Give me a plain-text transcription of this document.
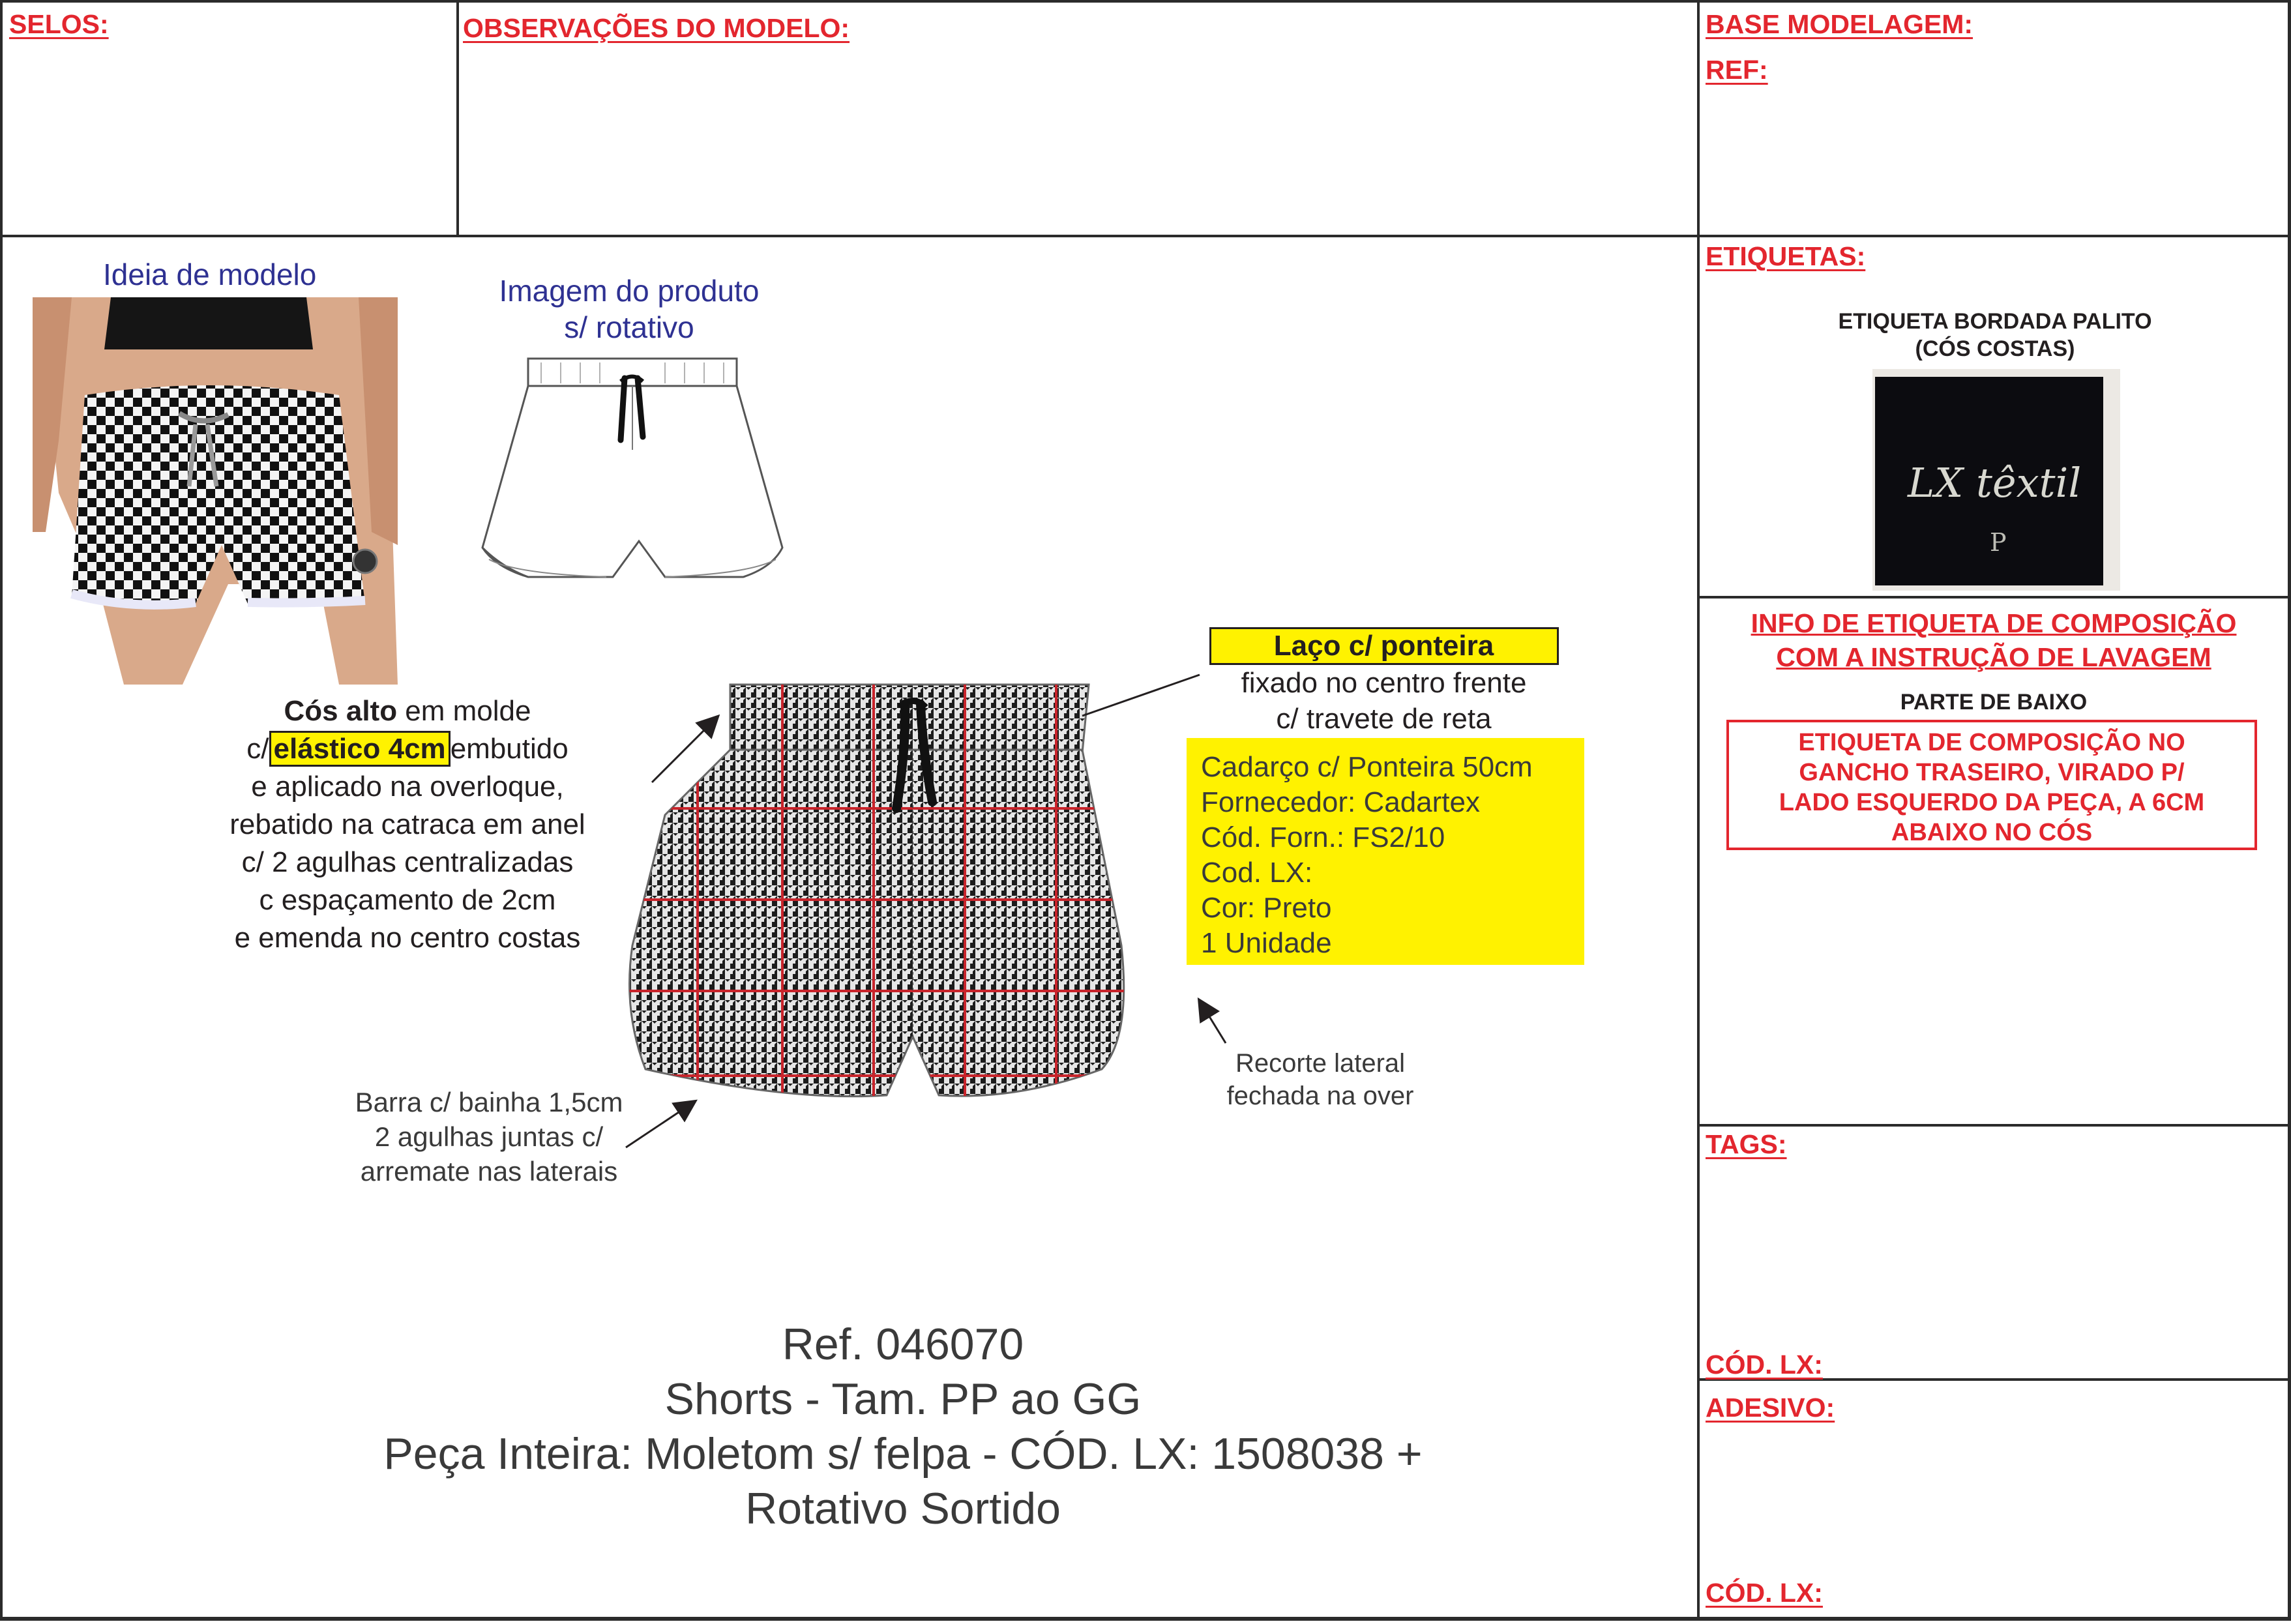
SELOS:	OBSERVAÇÕES DO MODELO:	BASE MODELAGEM:
REF:
Ideia de modelo	Imagem do produto
s/ rotativo
Laço c/ ponteira
fixado no centro frente
c/ travete de reta
Cadarço c/ Ponteira 50cm
Fornecedor: Cadartex
Cód. Forn.: FS2/10
Cod. LX:
Cor: Preto
1 Unidade
Cós alto em molde
c/ elástico 4cm embutido
e aplicado na overloque,
rebatido na catraca em anel
c/ 2 agulhas centralizadas
c espaçamento de 2cm
e emenda no centro costas
Recorte lateral
fechada na over
Barra c/ bainha 1,5cm
2 agulhas juntas c/
arremate nas laterais
Ref. 046070
Shorts - Tam. PP ao GG
Peça Inteira: Moletom s/ felpa - CÓD. LX: 1508038 +
Rotativo Sortido
ETIQUETAS:
ETIQUETA BORDADA PALITO
(CÓS COSTAS)
LX têxtil
P
INFO DE ETIQUETA DE COMPOSIÇÃO
COM A INSTRUÇÃO DE LAVAGEM
PARTE DE BAIXO
ETIQUETA DE COMPOSIÇÃO NO
GANCHO TRASEIRO, VIRADO P/
LADO ESQUERDO DA PEÇA, A 6CM
ABAIXO NO CÓS
TAGS:
CÓD. LX:
ADESIVO:
CÓD. LX:
